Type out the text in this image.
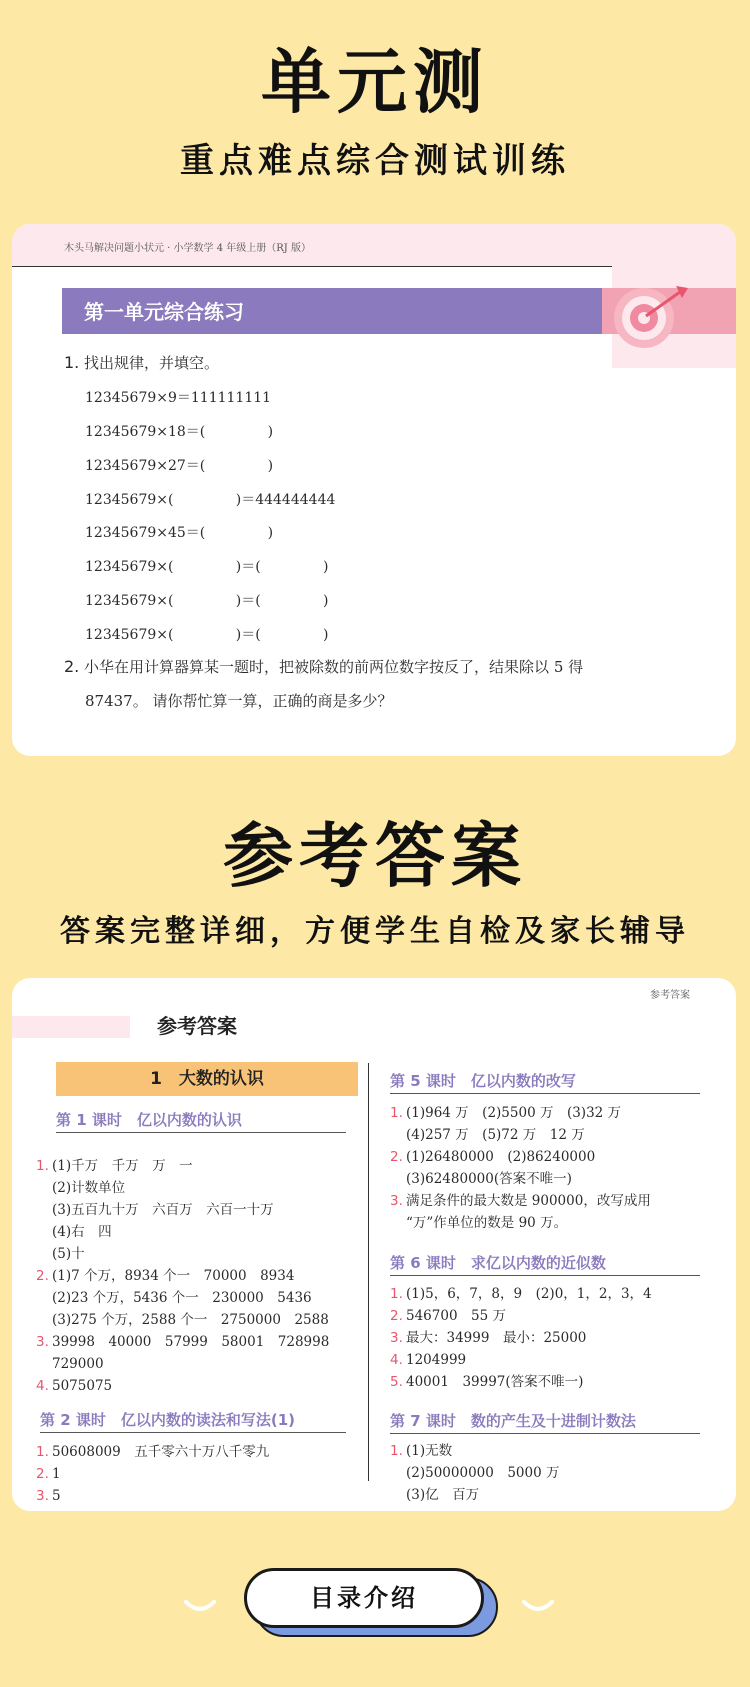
单元测
重点难点综合测试训练
木头马解决问题小状元 · 小学数学 4 年级上册（RJ 版）
第一单元综合练习
1. 找出规律，并填空。
12345679×9＝111111111
12345679×18＝(              )
12345679×27＝(              )
12345679×(              )＝444444444
12345679×45＝(              )
12345679×(              )＝(              )
12345679×(              )＝(              )
12345679×(              )＝(              )
2. 小华在用计算器算某一题时，把被除数的前两位数字按反了，结果除以 5 得
87437。 请你帮忙算一算，正确的商是多少？
参考答案
答案完整详细，方便学生自检及家长辅导
参考答案
参考答案
1　大数的认识
第 1 课时　亿以内数的认识
1. (1)千万　千万　万　一
(2)计数单位
(3)五百九十万　六百万　六百一十万
(4)右　四
(5)十
2. (1)7 个万，8934 个一　70000　8934
(2)23 个万，5436 个一　230000　5436
(3)275 个万，2588 个一　2750000　2588
3. 39998　40000　57999　58001　728998
729000
4. 5075075
第 2 课时　亿以内数的读法和写法(1)
1. 50608009　五千零六十万八千零九
2. 1
3. 5
第 5 课时　亿以内数的改写
1. (1)964 万　(2)5500 万　(3)32 万
(4)257 万　(5)72 万　12 万
2. (1)26480000　(2)86240000
(3)62480000(答案不唯一)
3. 满足条件的最大数是 900000，改写成用
“万”作单位的数是 90 万。
第 6 课时　求亿以内数的近似数
1. (1)5，6，7，8，9　(2)0，1，2，3，4
2. 546700　55 万
3. 最大：34999　最小：25000
4. 1204999
5. 40001　39997(答案不唯一)
第 7 课时　数的产生及十进制计数法
1. (1)无数
(2)50000000　5000 万
(3)亿　百万
目录介绍
